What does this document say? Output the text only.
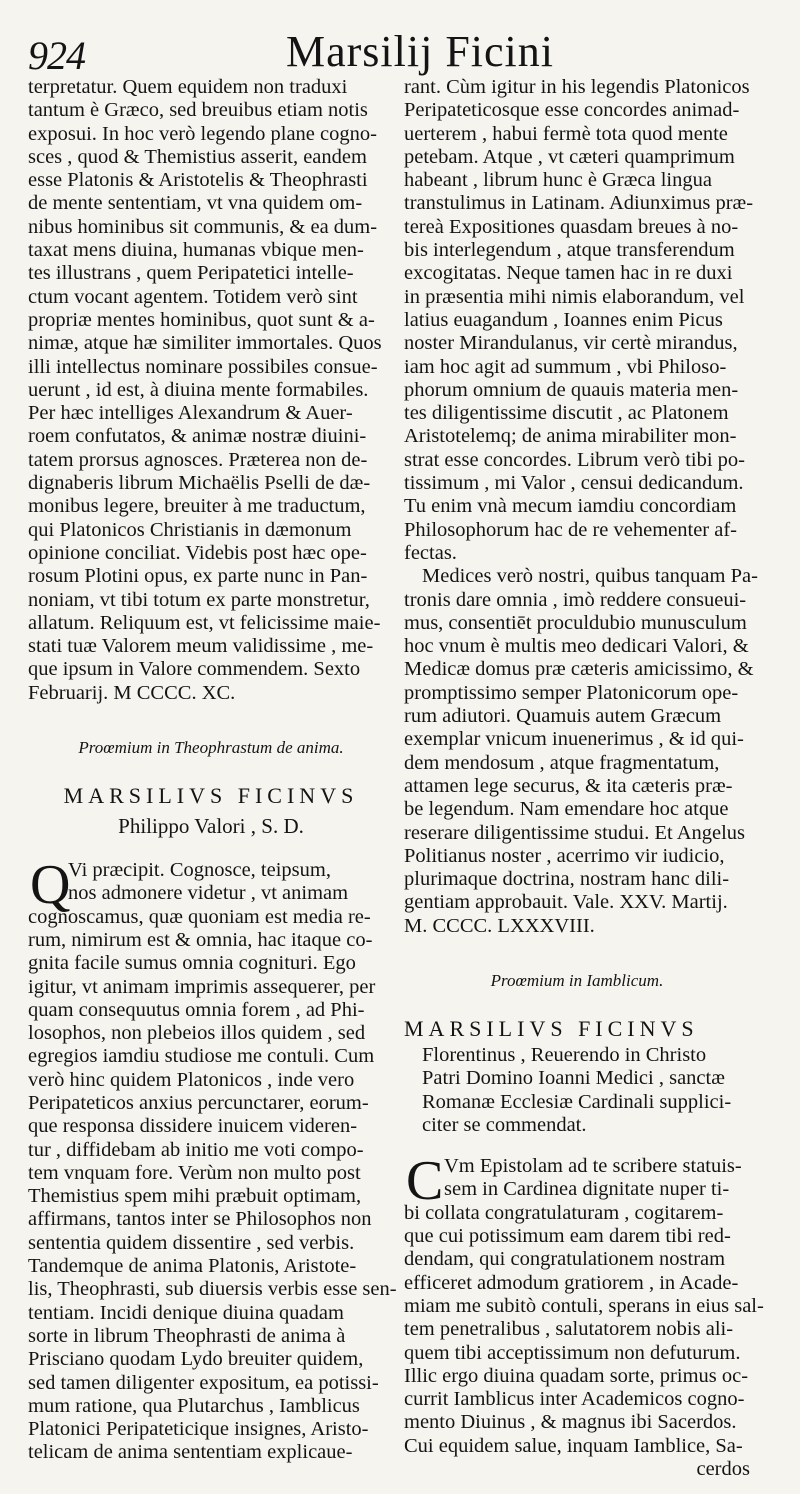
924	Marsilij Ficini
terpretatur. Quem equidem non traduxi
tantum è Græco, sed breuibus etiam notis
exposui. In hoc verò legendo plane cogno-
sces , quod & Themistius asserit, eandem
esse Platonis & Aristotelis & Theophrasti
de mente sententiam, vt vna quidem om-
nibus hominibus sit communis, & ea dum-
taxat mens diuina, humanas vbique men-
tes illustrans , quem Peripatetici intelle-
ctum vocant agentem. Totidem verò sint
propriæ mentes hominibus, quot sunt & a-
nimæ, atque hæ similiter immortales. Quos
illi intellectus nominare possibiles consue-
uerunt , id est, à diuina mente formabiles.
Per hæc intelliges Alexandrum & Auer-
roem confutatos, & animæ nostræ diuini-
tatem prorsus agnosces. Præterea non de-
dignaberis librum Michaëlis Pselli de dæ-
monibus legere, breuiter à me traductum,
qui Platonicos Christianis in dæmonum
opinione conciliat. Videbis post hæc ope-
rosum Plotini opus, ex parte nunc in Pan-
noniam, vt tibi totum ex parte monstretur,
allatum. Reliquum est, vt felicissime maie-
stati tuæ Valorem meum validissime , me-
que ipsum in Valore commendem. Sexto
Februarij. M CCCC. XC.
Proœmium in Theophrastum de anima.
MARSILIVS FICINVS
Philippo Valori , S. D.
Q
Vi præcipit. Cognosce, teipsum,
nos admonere videtur , vt animam
cognoscamus, quæ quoniam est media re-
rum, nimirum est & omnia, hac itaque co-
gnita facile sumus omnia cognituri. Ego
igitur, vt animam imprimis assequerer, per
quam consequutus omnia forem , ad Phi-
losophos, non plebeios illos quidem , sed
egregios iamdiu studiose me contuli. Cum
verò hinc quidem Platonicos , inde vero
Peripateticos anxius percunctarer, eorum-
que responsa dissidere inuicem videren-
tur , diffidebam ab initio me voti compo-
tem vnquam fore. Verùm non multo post
Themistius spem mihi præbuit optimam,
affirmans, tantos inter se Philosophos non
sententia quidem dissentire , sed verbis.
Tandemque de anima Platonis, Aristote-
lis, Theophrasti, sub diuersis verbis esse sen-
tentiam. Incidi denique diuina quadam
sorte in librum Theophrasti de anima à
Prisciano quodam Lydo breuiter quidem,
sed tamen diligenter expositum, ea potissi-
mum ratione, qua Plutarchus , Iamblicus
Platonici Peripateticique insignes, Aristo-
telicam de anima sententiam explicaue-
rant. Cùm igitur in his legendis Platonicos
Peripateticosque esse concordes animad-
uerterem , habui fermè tota quod mente
petebam. Atque , vt cæteri quamprimum
habeant , librum hunc è Græca lingua
transtulimus in Latinam. Adiunximus præ-
tereà Expositiones quasdam breues à no-
bis interlegendum , atque transferendum
excogitatas. Neque tamen hac in re duxi
in præsentia mihi nimis elaborandum, vel
latius euagandum , Ioannes enim Picus
noster Mirandulanus, vir certè mirandus,
iam hoc agit ad summum , vbi Philoso-
phorum omnium de quauis materia men-
tes diligentissime discutit , ac Platonem
Aristotelemq; de anima mirabiliter mon-
strat esse concordes. Librum verò tibi po-
tissimum , mi Valor , censui dedicandum.
Tu enim vnà mecum iamdiu concordiam
Philosophorum hac de re vehementer af-
fectas.
Medices verò nostri, quibus tanquam Pa-
tronis dare omnia , imò reddere consueui-
mus, consentiēt proculdubio munusculum
hoc vnum è multis meo dedicari Valori, &
Medicæ domus præ cæteris amicissimo, &
promptissimo semper Platonicorum ope-
rum adiutori. Quamuis autem Græcum
exemplar vnicum inuenerimus , & id qui-
dem mendosum , atque fragmentatum,
attamen lege securus, & ita cæteris præ-
be legendum. Nam emendare hoc atque
reserare diligentissime studui. Et Angelus
Politianus noster , acerrimo vir iudicio,
plurimaque doctrina, nostram hanc dili-
gentiam approbauit. Vale. XXV. Martij.
M. CCCC. LXXXVIII.
Proœmium in Iamblicum.
MARSILIVS FICINVS
Florentinus , Reuerendo in Christo
Patri Domino Ioanni Medici , sanctæ
Romanæ Ecclesiæ Cardinali supplici-
citer se commendat.
C Vm Epistolam ad te scribere statuis-
sem in Cardinea dignitate nuper ti-
bi collata congratulaturam , cogitarem-
que cui potissimum eam darem tibi red-
dendam, qui congratulationem nostram
efficeret admodum gratiorem , in Acade-
miam me subitò contuli, sperans in eius sal-
tem penetralibus , salutatorem nobis ali-
quem tibi acceptissimum non defuturum.
Illic ergo diuina quadam sorte, primus oc-
currit Iamblicus inter Academicos cogno-
mento Diuinus , & magnus ibi Sacerdos.
Cui equidem salue, inquam Iamblice, Sa-
cerdos
